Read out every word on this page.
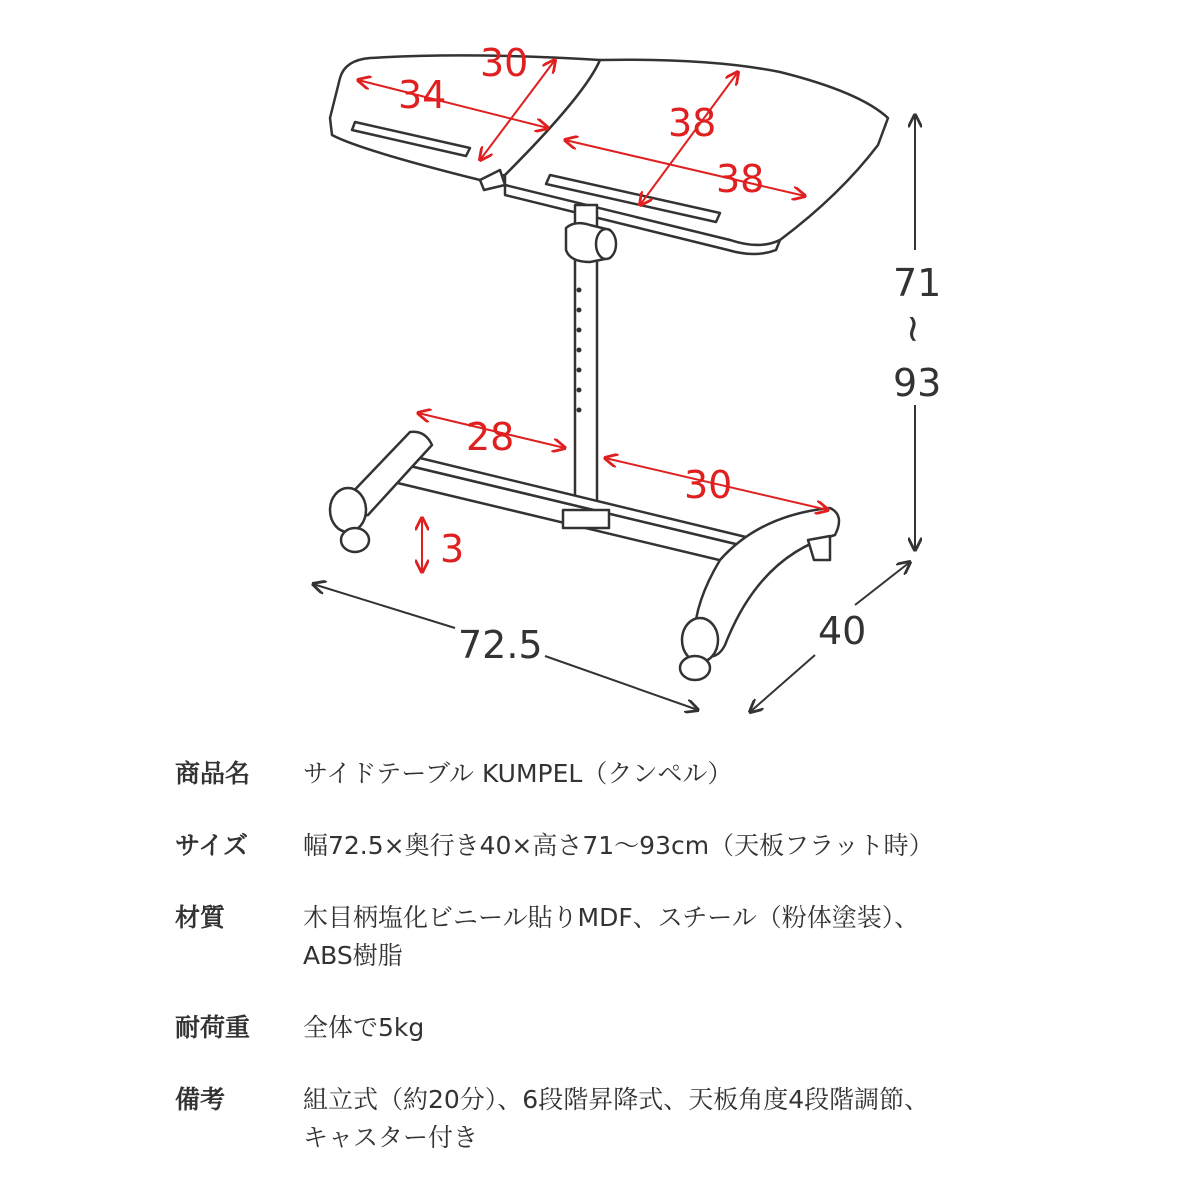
30
34
38
38
28
30
3
71
~
93
72.5	40
商品名	サイドテーブル KUMPEL（クンペル）
サイズ	幅72.5×奥行き40×高さ71〜93cm（天板フラット時）
材質	木目柄塩化ビニール貼りMDF、スチール（粉体塗装）、
ABS樹脂
耐荷重	全体で5kg
備考	組立式（約20分）、6段階昇降式、天板角度4段階調節、
キャスター付き
